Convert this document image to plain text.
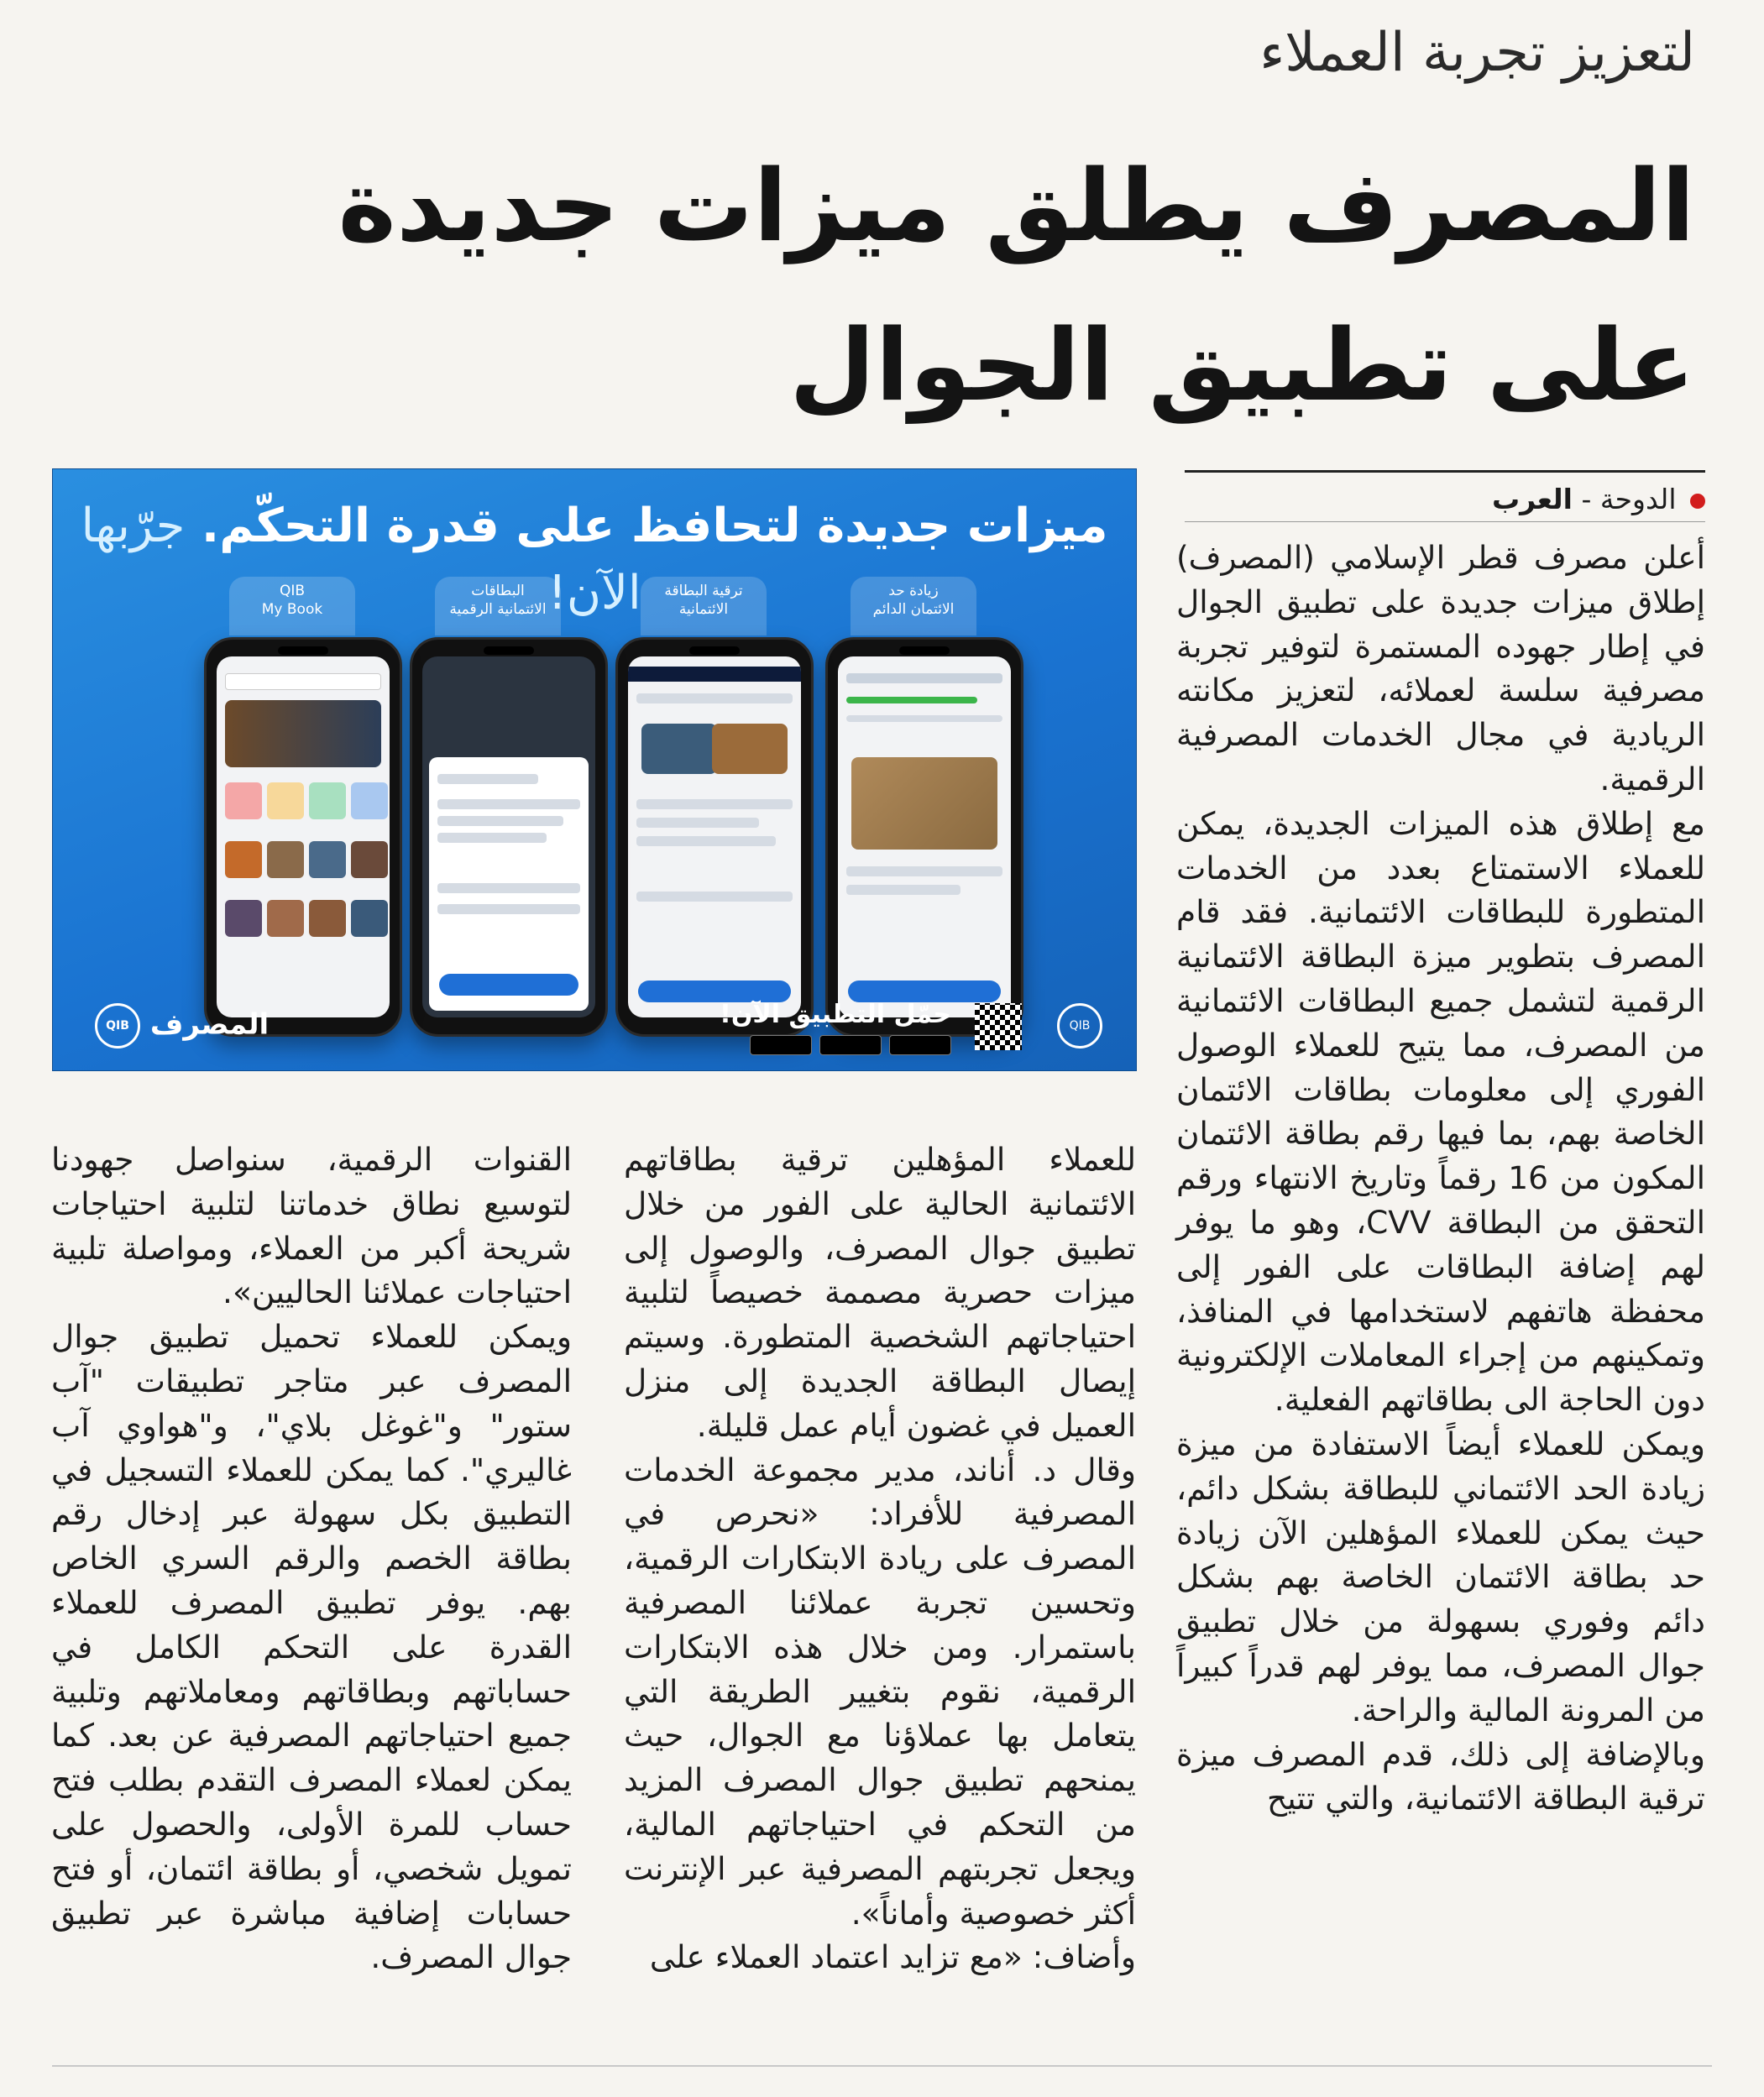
لتعزيز تجربة العملاء
المصرف يطلق ميزات جديدة
على تطبيق الجوال
الدوحة - العرب
ميزات جديدة لتحافظ على قدرة التحكّم. جرّبها الآن!	زيادة حد
الائتمان الدائم
ترقية البطاقة
الائتمانية
البطاقات
الائتمانية الرقمية
QIB
My Book
المصرف QIB	حمّل التطبيق الآن!
	QIB

أعلن مصرف قطر الإسلامي (المصرف) إطلاق ميزات جديدة على تطبيق الجوال في إطار جهوده المستمرة لتوفير تجربة مصرفية سلسة لعملائه، لتعزيز مكانته الريادية في مجال الخدمات المصرفية الرقمية.

مع إطلاق هذه الميزات الجديدة، يمكن للعملاء الاستمتاع بعدد من الخدمات المتطورة للبطاقات الائتمانية. فقد قام المصرف بتطوير ميزة البطاقة الائتمانية الرقمية لتشمل جميع البطاقات الائتمانية من المصرف، مما يتيح للعملاء الوصول الفوري إلى معلومات بطاقات الائتمان الخاصة بهم، بما فيها رقم بطاقة الائتمان المكون من 16 رقماً وتاريخ الانتهاء ورقم التحقق من البطاقة CVV، وهو ما يوفر لهم إضافة البطاقات على الفور إلى محفظة هاتفهم لاستخدامها في المنافذ، وتمكينهم من إجراء المعاملات الإلكترونية دون الحاجة الى بطاقاتهم الفعلية.

ويمكن للعملاء أيضاً الاستفادة من ميزة زيادة الحد الائتماني للبطاقة بشكل دائم، حيث يمكن للعملاء المؤهلين الآن زيادة حد بطاقة الائتمان الخاصة بهم بشكل دائم وفوري بسهولة من خلال تطبيق جوال المصرف، مما يوفر لهم قدراً كبيراً من المرونة المالية والراحة.

وبالإضافة إلى ذلك، قدم المصرف ميزة ترقية البطاقة الائتمانية، والتي تتيح

للعملاء المؤهلين ترقية بطاقاتهم الائتمانية الحالية على الفور من خلال تطبيق جوال المصرف، والوصول إلى ميزات حصرية مصممة خصيصاً لتلبية احتياجاتهم الشخصية المتطورة. وسيتم إيصال البطاقة الجديدة إلى منزل العميل في غضون أيام عمل قليلة.

وقال د. أناند، مدير مجموعة الخدمات المصرفية للأفراد: «نحرص في المصرف على ريادة الابتكارات الرقمية، وتحسين تجربة عملائنا المصرفية باستمرار. ومن خلال هذه الابتكارات الرقمية، نقوم بتغيير الطريقة التي يتعامل بها عملاؤنا مع الجوال، حيث يمنحهم تطبيق جوال المصرف المزيد من التحكم في احتياجاتهم المالية، ويجعل تجربتهم المصرفية عبر الإنترنت أكثر خصوصية وأماناً».

وأضاف: «مع تزايد اعتماد العملاء على

القنوات الرقمية، سنواصل جهودنا لتوسيع نطاق خدماتنا لتلبية احتياجات شريحة أكبر من العملاء، ومواصلة تلبية احتياجات عملائنا الحاليين».

ويمكن للعملاء تحميل تطبيق جوال المصرف عبر متاجر تطبيقات "آب ستور" و"غوغل بلاي"، و"هواوي آب غاليري". كما يمكن للعملاء التسجيل في التطبيق بكل سهولة عبر إدخال رقم بطاقة الخصم والرقم السري الخاص بهم. يوفر تطبيق المصرف للعملاء القدرة على التحكم الكامل في حساباتهم وبطاقاتهم ومعاملاتهم وتلبية جميع احتياجاتهم المصرفية عن بعد. كما يمكن لعملاء المصرف التقدم بطلب فتح حساب للمرة الأولى، والحصول على تمويل شخصي، أو بطاقة ائتمان، أو فتح حسابات إضافية مباشرة عبر تطبيق جوال المصرف.
